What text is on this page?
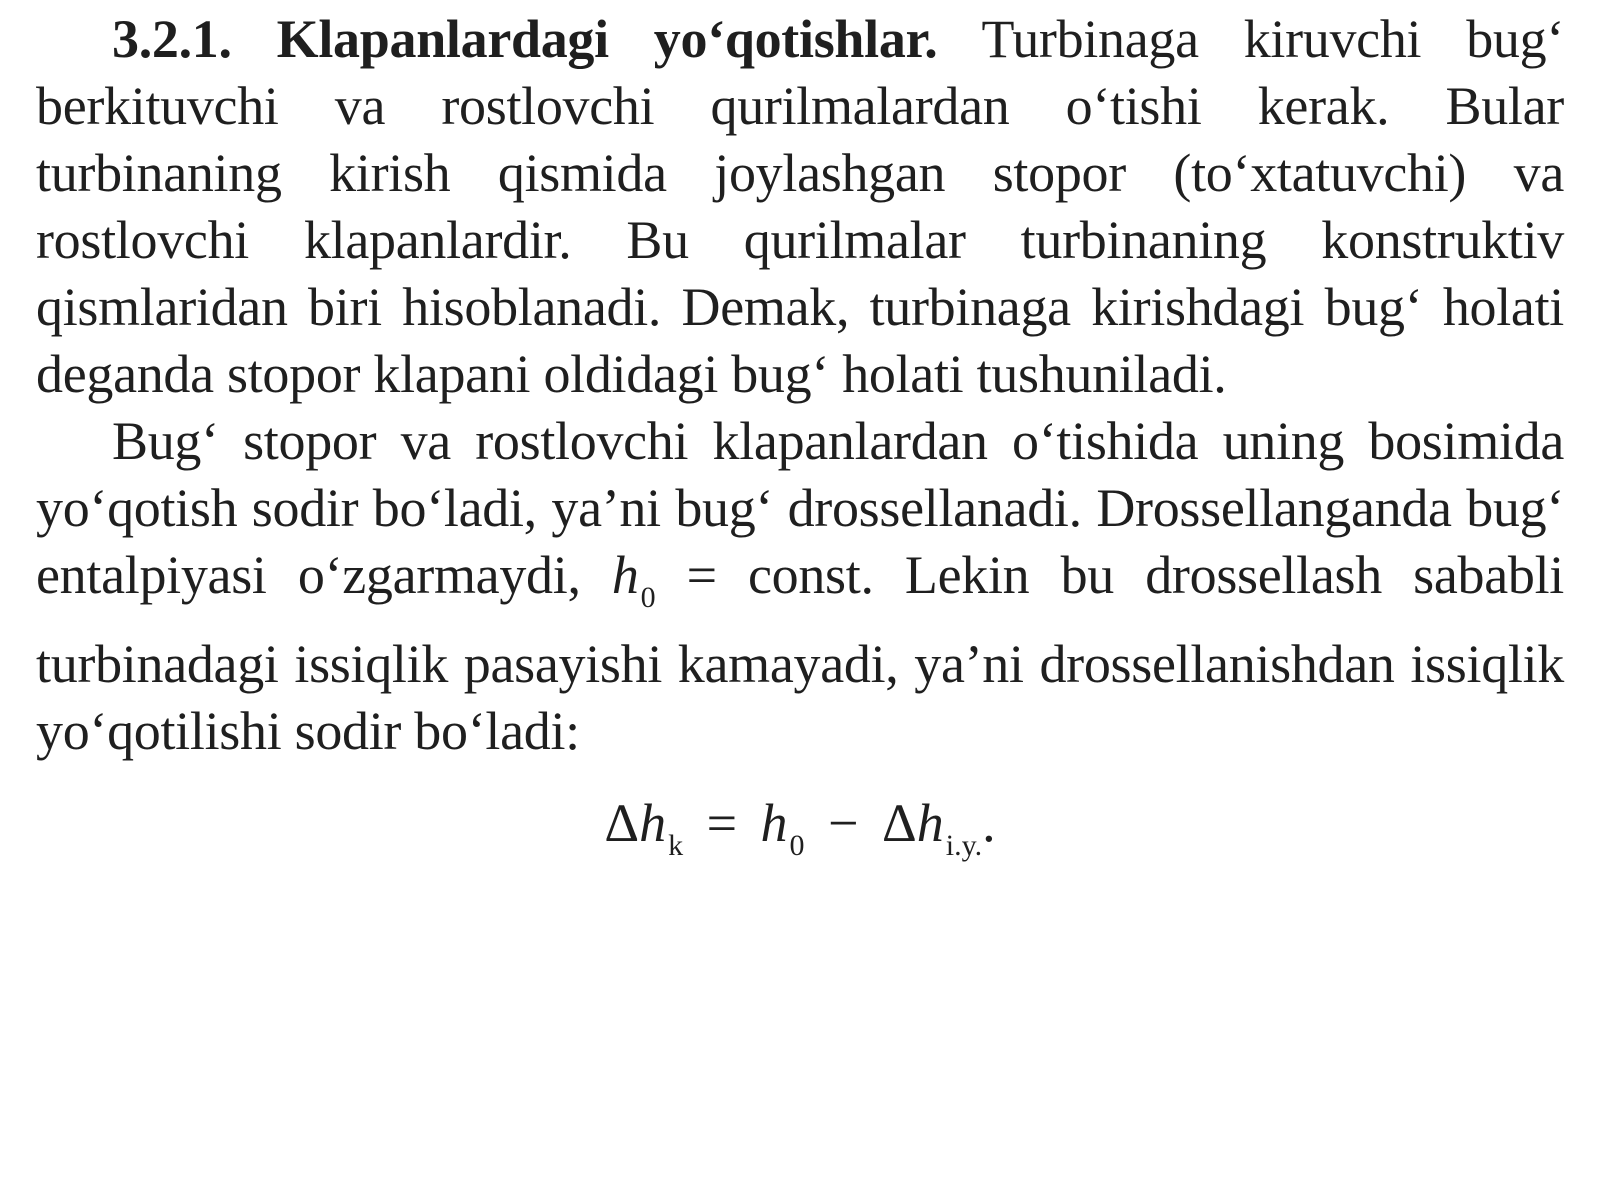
3.2.1. Klapanlardagi yo‘qotishlar. Turbinaga kiruvchi bug‘ berkituvchi va rostlovchi qurilmalardan o‘tishi kerak. Bular turbinaning kirish qismida joylashgan stopor (to‘xtatuvchi) va rostlovchi klapanlardir. Bu qurilmalar turbinaning konstruktiv qismlaridan biri hisoblanadi. Demak, turbinaga kirishdagi bug‘ holati deganda stopor klapani oldidagi bug‘ holati tushuniladi.

Bug‘ stopor va rostlovchi klapanlardan o‘tishida uning bosimida yo‘qotish sodir bo‘ladi, ya’ni bug‘ drossellanadi. Drossellanganda bug‘ entalpiyasi o‘zgarmaydi, $h_0$ = const. Lekin bu drossellash sababli turbinadagi issiqlik pasayishi kamayadi, ya’ni drossellanishdan issiqlik yo‘qotilishi sodir bo‘ladi:

$\Delta h_k = h_0 - \Delta h_{i.y.}$.
